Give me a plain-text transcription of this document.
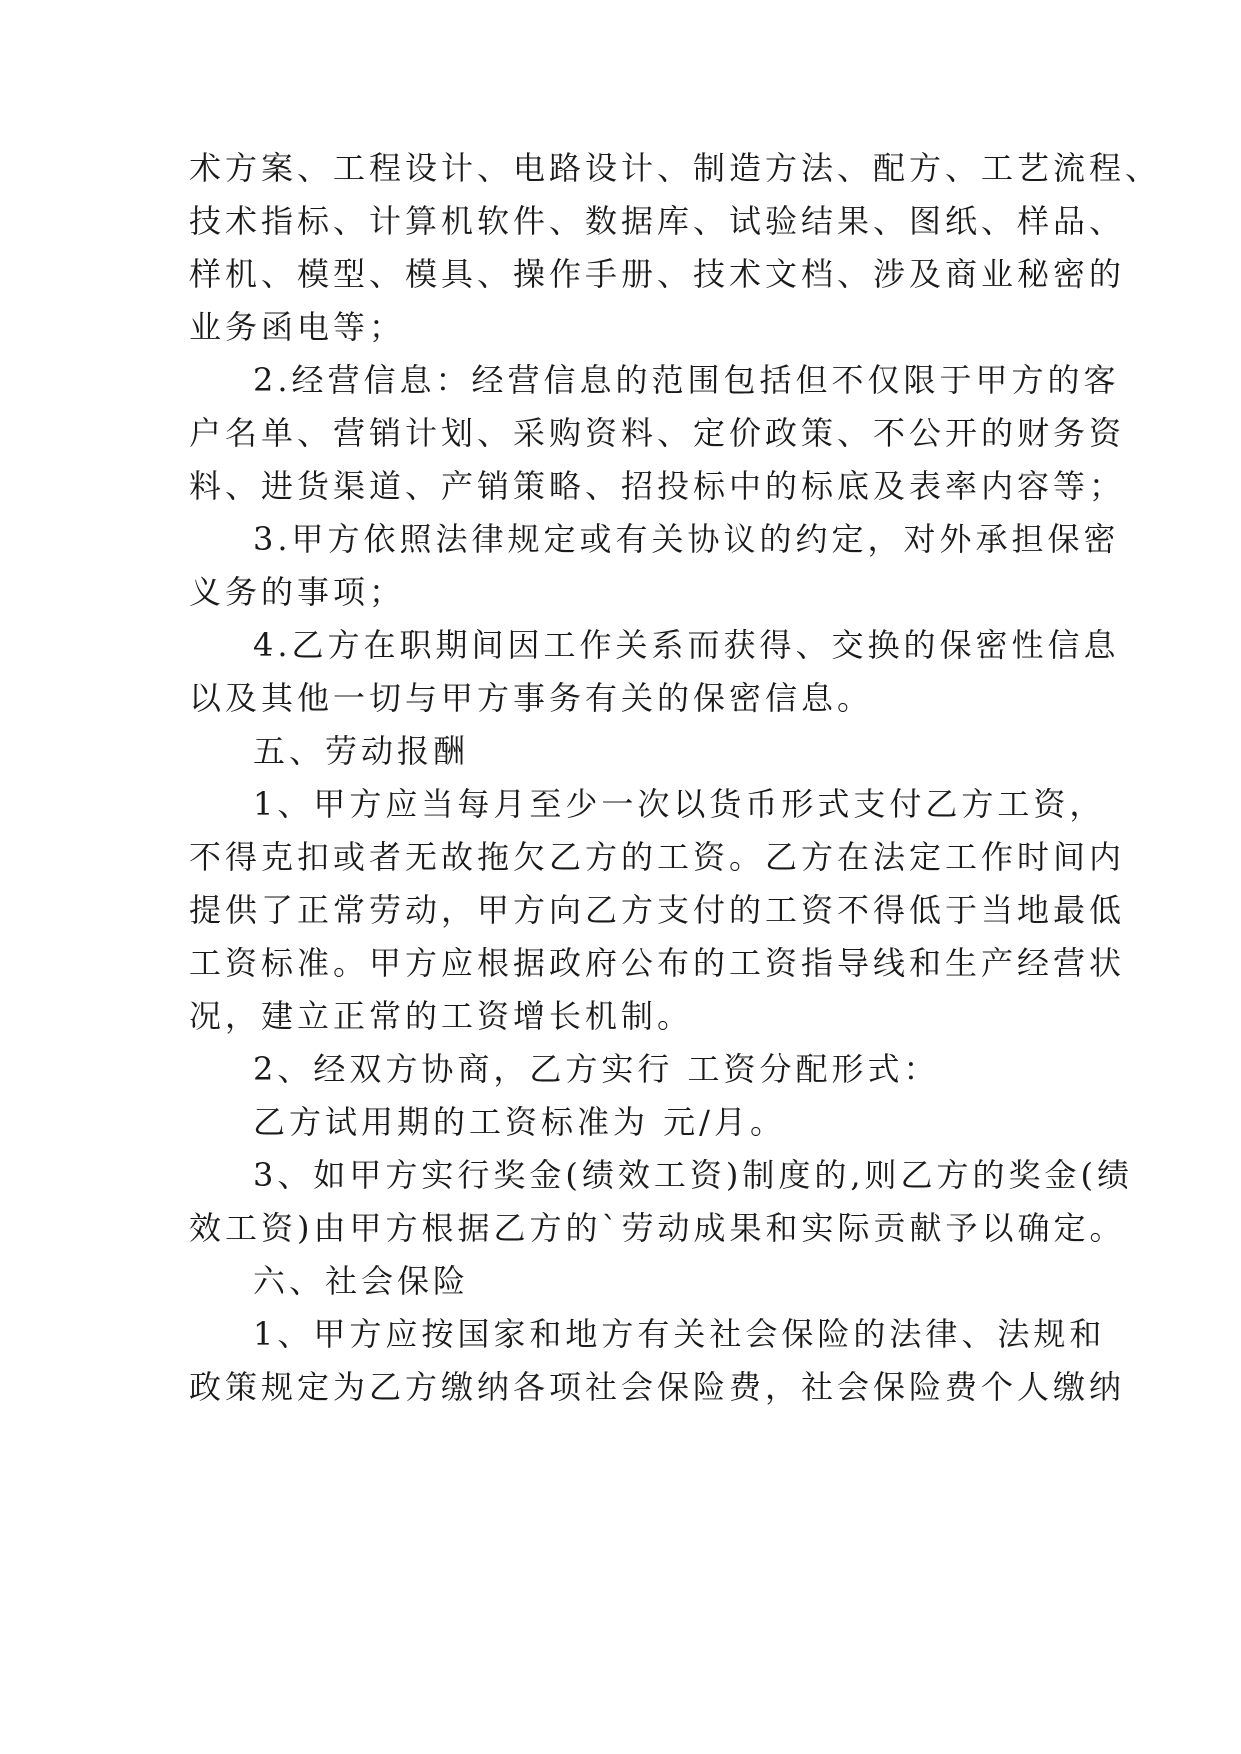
术方案、工程设计、电路设计、制造方法、配方、工艺流程、
技术指标、计算机软件、数据库、试验结果、图纸、样品、
样机、模型、模具、操作手册、技术文档、涉及商业秘密的
业务函电等；
2.经营信息：经营信息的范围包括但不仅限于甲方的客
户名单、营销计划、采购资料、定价政策、不公开的财务资
料、进货渠道、产销策略、招投标中的标底及表率内容等；
3.甲方依照法律规定或有关协议的约定，对外承担保密
义务的事项；
4.乙方在职期间因工作关系而获得、交换的保密性信息
以及其他一切与甲方事务有关的保密信息。
五、劳动报酬
1、甲方应当每月至少一次以货币形式支付乙方工资，
不得克扣或者无故拖欠乙方的工资。乙方在法定工作时间内
提供了正常劳动，甲方向乙方支付的工资不得低于当地最低
工资标准。甲方应根据政府公布的工资指导线和生产经营状
况，建立正常的工资增长机制。
2、经双方协商，乙方实行 工资分配形式：
乙方试用期的工资标准为 元/月。
3、如甲方实行奖金(绩效工资)制度的,则乙方的奖金(绩
效工资)由甲方根据乙方的`劳动成果和实际贡献予以确定。
六、社会保险
1、甲方应按国家和地方有关社会保险的法律、法规和
政策规定为乙方缴纳各项社会保险费，社会保险费个人缴纳
